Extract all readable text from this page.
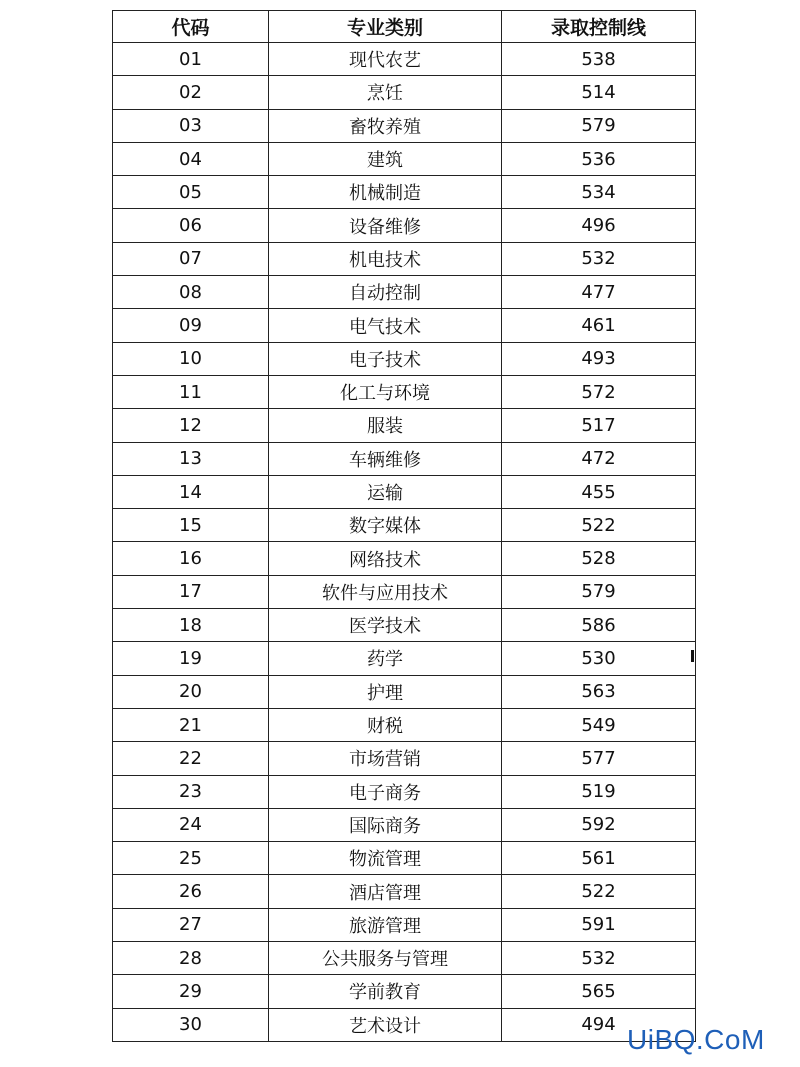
代码	专业类别	录取控制线
01	现代农艺	538
02	烹饪	514
03	畜牧养殖	579
04	建筑	536
05	机械制造	534
06	设备维修	496
07	机电技术	532
08	自动控制	477
09	电气技术	461
10	电子技术	493
11	化工与环境	572
12	服装	517
13	车辆维修	472
14	运输	455
15	数字媒体	522
16	网络技术	528
17	软件与应用技术	579
18	医学技术	586
19	药学	530
20	护理	563
21	财税	549
22	市场营销	577
23	电子商务	519
24	国际商务	592
25	物流管理	561
26	酒店管理	522
27	旅游管理	591
28	公共服务与管理	532
29	学前教育	565
30	艺术设计	494 UiBQ.CoM
